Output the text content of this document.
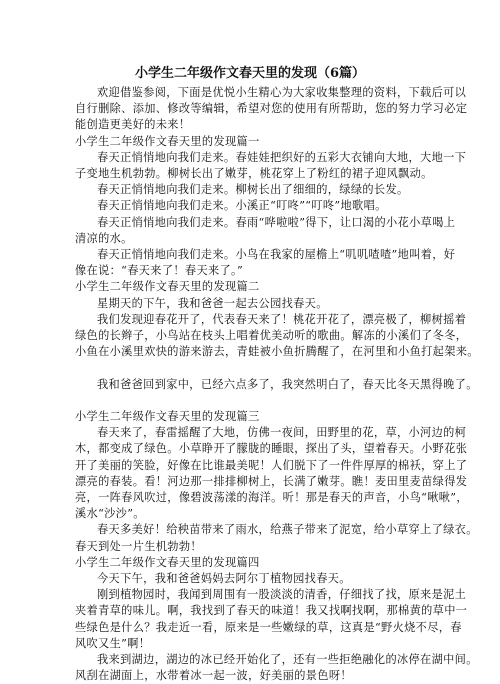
小学生二年级作文春天里的发现（6篇）
欢迎借鉴参阅，下面是优悦小生精心为大家收集整理的资料，下载后可以
自行删除、添加、修改等编辑，希望对您的使用有所帮助，您的努力学习必定
能创造更美好的未来！
小学生二年级作文春天里的发现篇一
春天正悄悄地向我们走来。春娃娃把织好的五彩大衣铺向大地，大地一下
子变地生机勃勃。柳树长出了嫩芽，桃花穿上了粉红的裙子迎风飘动。
春天正悄悄地向我们走来。柳树长出了细细的，绿绿的长发。
春天正悄悄地向我们走来。小溪正“叮咚”“叮咚”地歌唱。
春天正悄悄地向我们走来。春雨“哗啦啦”得下，让口渴的小花小草喝上
清凉的水。
春天正悄悄地向我们走来。小鸟在我家的屋檐上“叽叽喳喳”地叫着，好
像在说：“春天来了！春天来了。”
小学生二年级作文春天里的发现篇二
星期天的下午，我和爸爸一起去公园找春天。
我们发现迎春花开了，代表春天来了！桃花开花了，漂亮极了，柳树摇着
绿色的长辫子，小鸟站在枝头上唱着优美动听的歌曲。解冻的小溪们了冬冬，
小鱼在小溪里欢快的游来游去，青蛙被小鱼折腾醒了，在河里和小鱼打起架来。
我和爸爸回到家中，已经六点多了，我突然明白了，春天比冬天黑得晚了。
小学生二年级作文春天里的发现篇三
春天来了，春雷摇醒了大地，仿佛一夜间，田野里的花，草，小河边的柯
木，都变成了绿色。小草睁开了朦胧的睡眼，探出了头，望着春天。小野花张
开了美丽的笑脸，好像在比谁最美呢！人们脱下了一件件厚厚的棉袄，穿上了
漂亮的春装。看！河边那一排排柳树上，长满了嫩芽。瞧！麦田里麦苗绿得发
亮，一阵春风吹过，像碧波荡漾的海洋。听！那是春天的声音，小鸟“啾啾”，
溪水“沙沙”。
春天多美好！给秧苗带来了雨水，给燕子带来了泥宽，给小草穿上了绿衣。
春天到处一片生机勃勃！
小学生二年级作文春天里的发现篇四
今天下午，我和爸爸妈妈去阿尔丁植物园找春天。
刚到植物园时，我闻到周围有一股淡淡的清香，仔细找了找，原来是泥土
夹着青草的味儿。啊，我找到了春天的味道！我又找啊找啊，那棉黄的草中一
些绿色是什么？我走近一看，原来是一些嫩绿的草，这真是“野火烧不尽，春
风吹又生”啊！
我来到湖边，湖边的冰已经开始化了，还有一些拒绝融化的冰停在湖中间。
风刮在湖面上，水带着冰一起一波，好美丽的景色呀！
